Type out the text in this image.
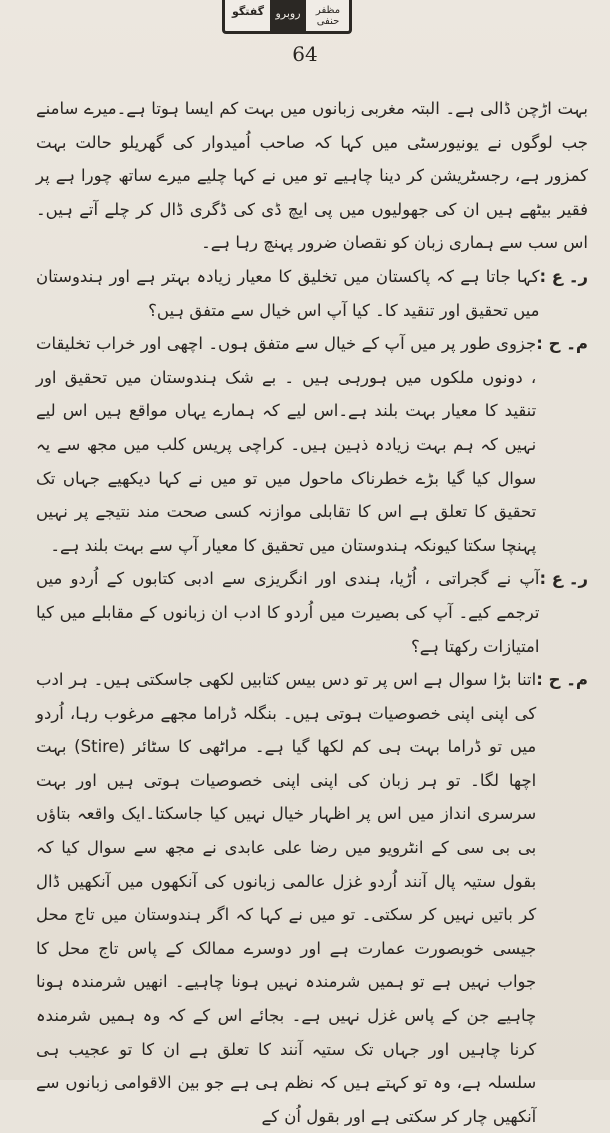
گفتگو	روبرو	مظفر حنفی
64

بہت اڑچن ڈالی ہے۔ البتہ مغربی زبانوں میں بہت کم ایسا ہوتا ہے۔میرے سامنے جب لوگوں نے یونیورسٹی میں کہا کہ صاحب اُمیدوار کی گھریلو حالت بہت کمزور ہے، رجسٹریشن کر دینا چاہیے تو میں نے کہا چلیے میرے ساتھ چورا ہے پر فقیر بیٹھے ہیں ان کی جھولیوں میں پی ایچ ڈی کی ڈگری ڈال کر چلے آتے ہیں۔اس سب سے ہماری زبان کو نقصان ضرور پہنچ رہا ہے۔

ر۔ ع :
کہا جاتا ہے کہ پاکستان میں تخلیق کا معیار زیادہ بہتر ہے اور ہندوستان میں تحقیق اور تنقید کا۔ کیا آپ اس خیال سے متفق ہیں؟
م۔ ح :
جزوی طور پر میں آپ کے خیال سے متفق ہوں۔ اچھی اور خراب تخلیقات ، دونوں ملکوں میں ہورہی ہیں ۔ بے شک ہندوستان میں تحقیق اور تنقید کا معیار بہت بلند ہے۔اس لیے کہ ہمارے یہاں مواقع ہیں اس لیے نہیں کہ ہم بہت زیادہ ذہین ہیں۔ کراچی پریس کلب میں مجھ سے یہ سوال کیا گیا بڑے خطرناک ماحول میں تو میں نے کہا دیکھیے جہاں تک تحقیق کا تعلق ہے اس کا تقابلی موازنہ کسی صحت مند نتیجے پر نہیں پہنچا سکتا کیونکہ ہندوستان میں تحقیق کا معیار آپ سے بہت بلند ہے۔
ر۔ ع :
آپ نے گجراتی ، اُڑیا، ہندی اور انگریزی سے ادبی کتابوں کے اُردو میں ترجمے کیے۔ آپ کی بصیرت میں اُردو کا ادب ان زبانوں کے مقابلے میں کیا امتیازات رکھتا ہے؟
م۔ ح :
اتنا بڑا سوال ہے اس پر تو دس بیس کتابیں لکھی جاسکتی ہیں۔ ہر ادب کی اپنی اپنی خصوصیات ہوتی ہیں۔ بنگلہ ڈراما مجھے مرغوب رہا، اُردو میں تو ڈراما بہت ہی کم لکھا گیا ہے۔ مراٹھی کا سٹائر (Stire) بہت اچھا لگا۔ تو ہر زبان کی اپنی اپنی خصوصیات ہوتی ہیں اور بہت سرسری انداز میں اس پر اظہار خیال نہیں کیا جاسکتا۔ایک واقعہ بتاؤں بی بی سی کے انٹرویو میں رضا علی عابدی نے مجھ سے سوال کیا کہ بقول ستیہ پال آنند اُردو غزل عالمی زبانوں کی آنکھوں میں آنکھیں ڈال کر باتیں نہیں کر سکتی۔ تو میں نے کہا کہ اگر ہندوستان میں تاج محل جیسی خوبصورت عمارت ہے اور دوسرے ممالک کے پاس تاج محل کا جواب نہیں ہے تو ہمیں شرمندہ نہیں ہونا چاہیے۔ انھیں شرمندہ ہونا چاہیے جن کے پاس غزل نہیں ہے۔ بجائے اس کے کہ وہ ہمیں شرمندہ کرنا چاہیں اور جہاں تک ستیہ آنند کا تعلق ہے ان کا تو عجیب ہی سلسلہ ہے، وہ تو کہتے ہیں کہ نظم ہی ہے جو بین الاقوامی زبانوں سے آنکھیں چار کر سکتی ہے اور بقول اُن کے
